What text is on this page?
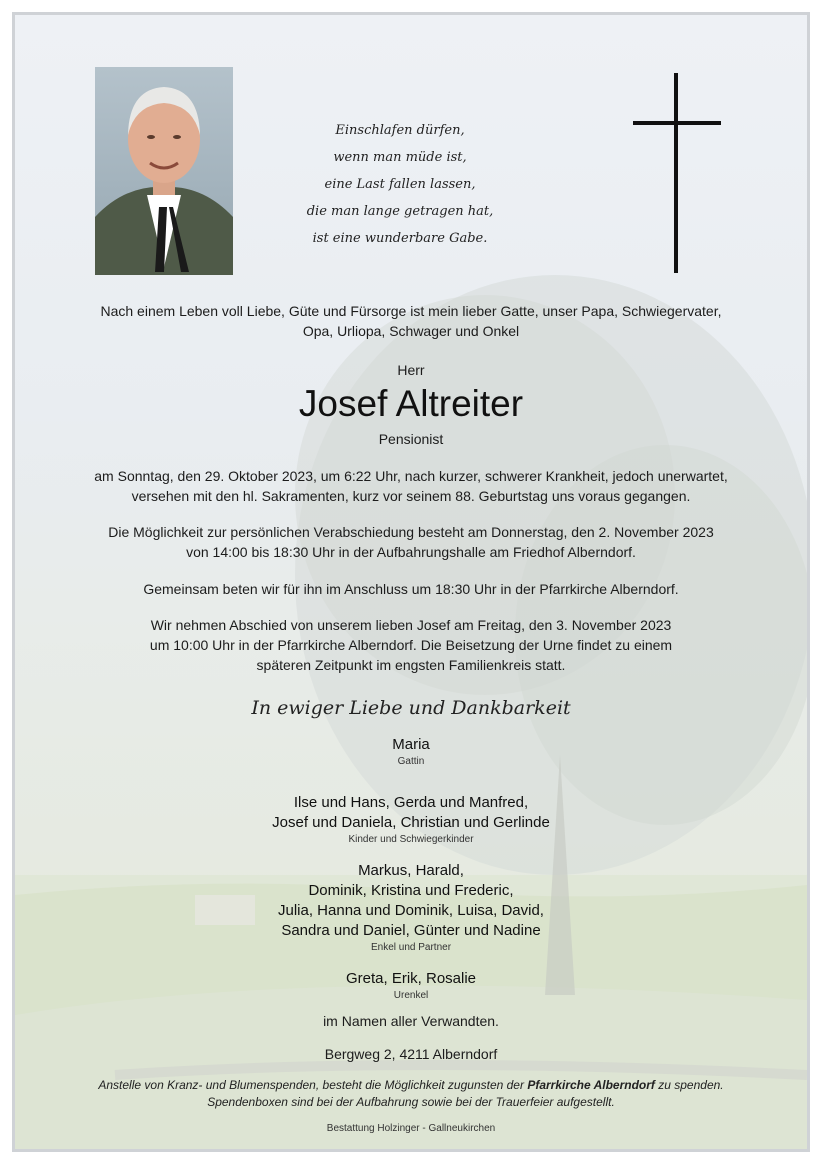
Einschlafen dürfen,
wenn man müde ist,
eine Last fallen lassen,
die man lange getragen hat,
ist eine wunderbare Gabe.
Nach einem Leben voll Liebe, Güte und Fürsorge ist mein lieber Gatte, unser Papa, Schwiegervater,
Opa, Urliopa, Schwager und Onkel
Herr
Josef Altreiter
Pensionist
am Sonntag, den 29. Oktober 2023, um 6:22 Uhr, nach kurzer, schwerer Krankheit, jedoch unerwartet,
versehen mit den hl. Sakramenten, kurz vor seinem 88. Geburtstag uns voraus gegangen.
Die Möglichkeit zur persönlichen Verabschiedung besteht am Donnerstag, den 2. November 2023
von 14:00 bis 18:30 Uhr in der Aufbahrungshalle am Friedhof Alberndorf.
Gemeinsam beten wir für ihn im Anschluss um 18:30 Uhr in der Pfarrkirche Alberndorf.
Wir nehmen Abschied von unserem lieben Josef am Freitag, den 3. November 2023
um 10:00 Uhr in der Pfarrkirche Alberndorf. Die Beisetzung der Urne findet zu einem
späteren Zeitpunkt im engsten Familienkreis statt.
In ewiger Liebe und Dankbarkeit
Maria
Gattin
Ilse und Hans, Gerda und Manfred,
Josef und Daniela, Christian und Gerlinde
Kinder und Schwiegerkinder
Markus, Harald,
Dominik, Kristina und Frederic,
Julia, Hanna und Dominik, Luisa, David,
Sandra und Daniel, Günter und Nadine
Enkel und Partner
Greta, Erik, Rosalie
Urenkel
im Namen aller Verwandten.
Bergweg 2, 4211 Alberndorf
Anstelle von Kranz- und Blumenspenden, besteht die Möglichkeit zugunsten der Pfarrkirche Alberndorf zu spenden.
Spendenboxen sind bei der Aufbahrung sowie bei der Trauerfeier aufgestellt.
Bestattung Holzinger - Gallneukirchen
